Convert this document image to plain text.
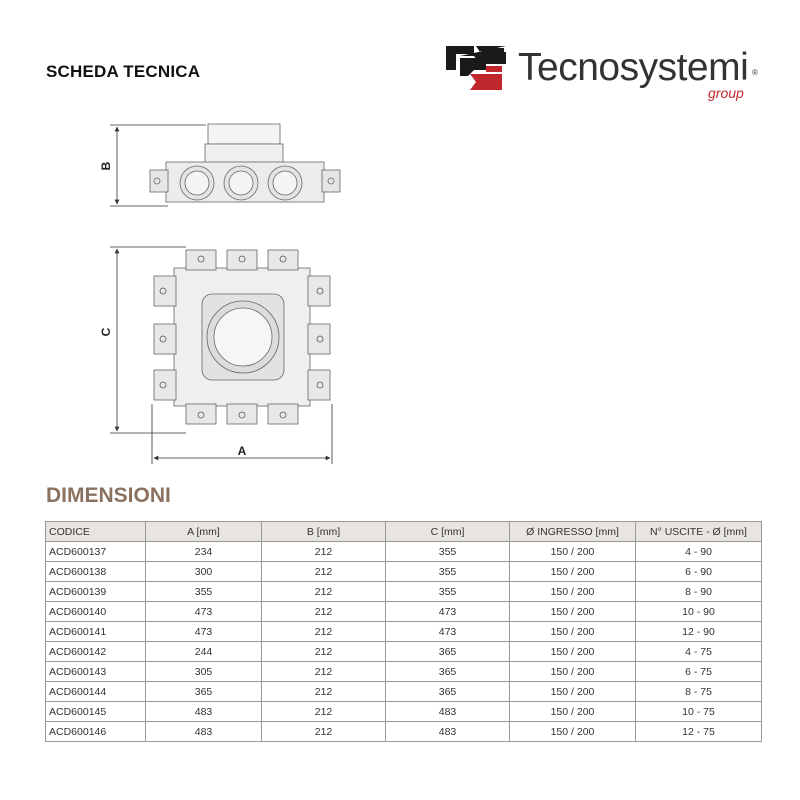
SCHEDA TECNICA	Tecnosystemi ®
group
B
C
A
DIMENSIONI
CODICE	A [mm]	B [mm]	C [mm]	Ø INGRESSO [mm]	N° USCITE - Ø [mm]
ACD600137	234	212	355	150 / 200	4 - 90
ACD600138	300	212	355	150 / 200	6 - 90
ACD600139	355	212	355	150 / 200	8 - 90
ACD600140	473	212	473	150 / 200	10 - 90
ACD600141	473	212	473	150 / 200	12 - 90
ACD600142	244	212	365	150 / 200	4 - 75
ACD600143	305	212	365	150 / 200	6 - 75
ACD600144	365	212	365	150 / 200	8 - 75
ACD600145	483	212	483	150 / 200	10 - 75
ACD600146	483	212	483	150 / 200	12 - 75
